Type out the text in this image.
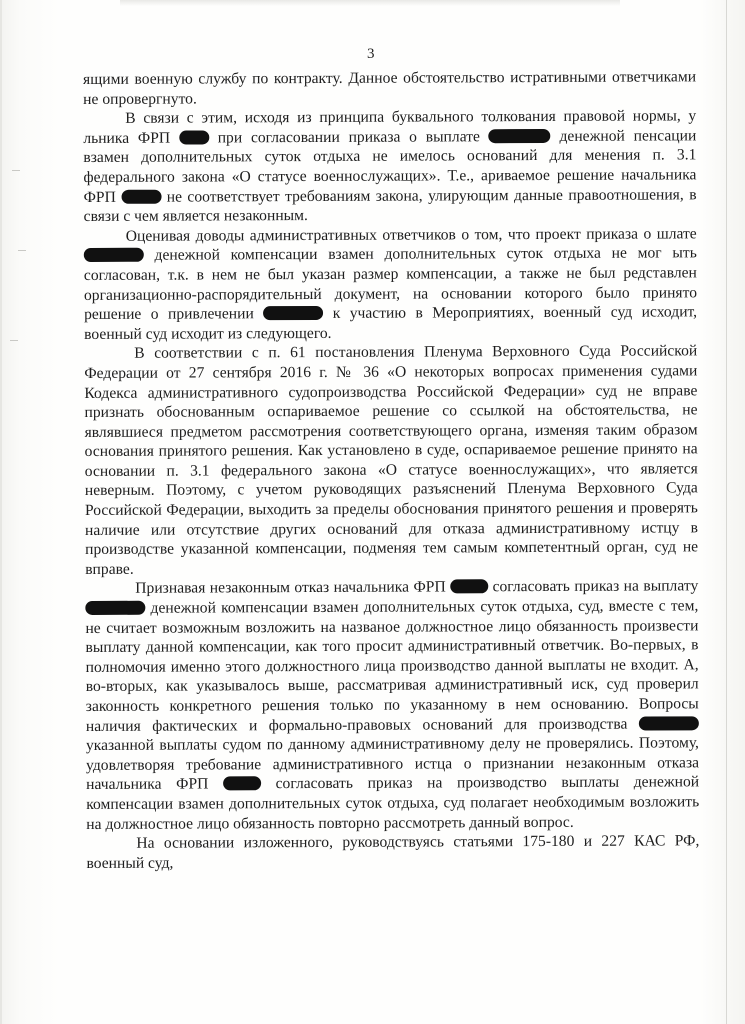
3

ящими военную службу по контракту. Данное обстоятельство истративными ответчиками не опровергнуто.

В связи с этим, исходя из принципа буквального толкования правовой нормы, у льника ФРП  при согласовании приказа о выплате	денежной пенсации взамен дополнительных суток отдыха не имелось оснований для менения п. 3.1 федерального закона «О статусе военнослужащих». Т.е., ариваемое решение начальника ФРП	не соответствует требованиям закона, улирующим данные правоотношения, в связи с чем является незаконным.

Оценивая доводы административных ответчиков о том, что проект приказа о шлате  денежной компенсации взамен дополнительных суток отдыха не мог ыть согласован, т.к. в нем не был указан размер компенсации, а также не был редставлен организационно-распорядительный документ, на основании которого было принято решение о привлечении	к участию в Мероприятиях, военный суд исходит, военный суд исходит из следующего.

В соответствии с п. 61 постановления Пленума Верховного Суда Российской Федерации от 27 сентября 2016 г. № 36 «О некоторых вопросах применения судами Кодекса административного судопроизводства Российской Федерации» суд не вправе признать обоснованным оспариваемое решение со ссылкой на обстоятельства, не являвшиеся предметом рассмотрения соответствующего органа, изменяя таким образом основания принятого решения. Как установлено в суде, оспариваемое решение принято на основании п. 3.1 федерального закона «О статусе военнослужащих», что является неверным. Поэтому, с учетом руководящих разъяснений Пленума Верховного Суда Российской Федерации, выходить за пределы обоснования принятого решения и проверять наличие или отсутствие других оснований для отказа административному истцу в производстве указанной компенсации, подменяя тем самым компетентный орган, суд не вправе.

Признавая незаконным отказ начальника ФРП  согласовать приказ на выплату  денежной компенсации взамен дополнительных суток отдыха, суд, вместе с тем, не считает возможным возложить на названое должностное лицо обязанность произвести выплату данной компенсации, как того просит административный ответчик. Во-первых, в полномочия именно этого должностного лица производство данной выплаты не входит. А, во-вторых, как указывалось выше, рассматривая административный иск, суд проверил законность конкретного решения только по указанному в нем основанию. Вопросы наличия фактических и формально-правовых оснований для производства  указанной выплаты судом по данному административному делу не проверялись. Поэтому, удовлетворяя требование административного истца о признании незаконным отказа начальника ФРП  согласовать приказ на производство выплаты денежной компенсации взамен дополнительных суток отдыха, суд полагает необходимым возложить на должностное лицо обязанность повторно рассмотреть данный вопрос.

На основании изложенного, руководствуясь статьями 175-180 и 227 КАС РФ, военный суд,
